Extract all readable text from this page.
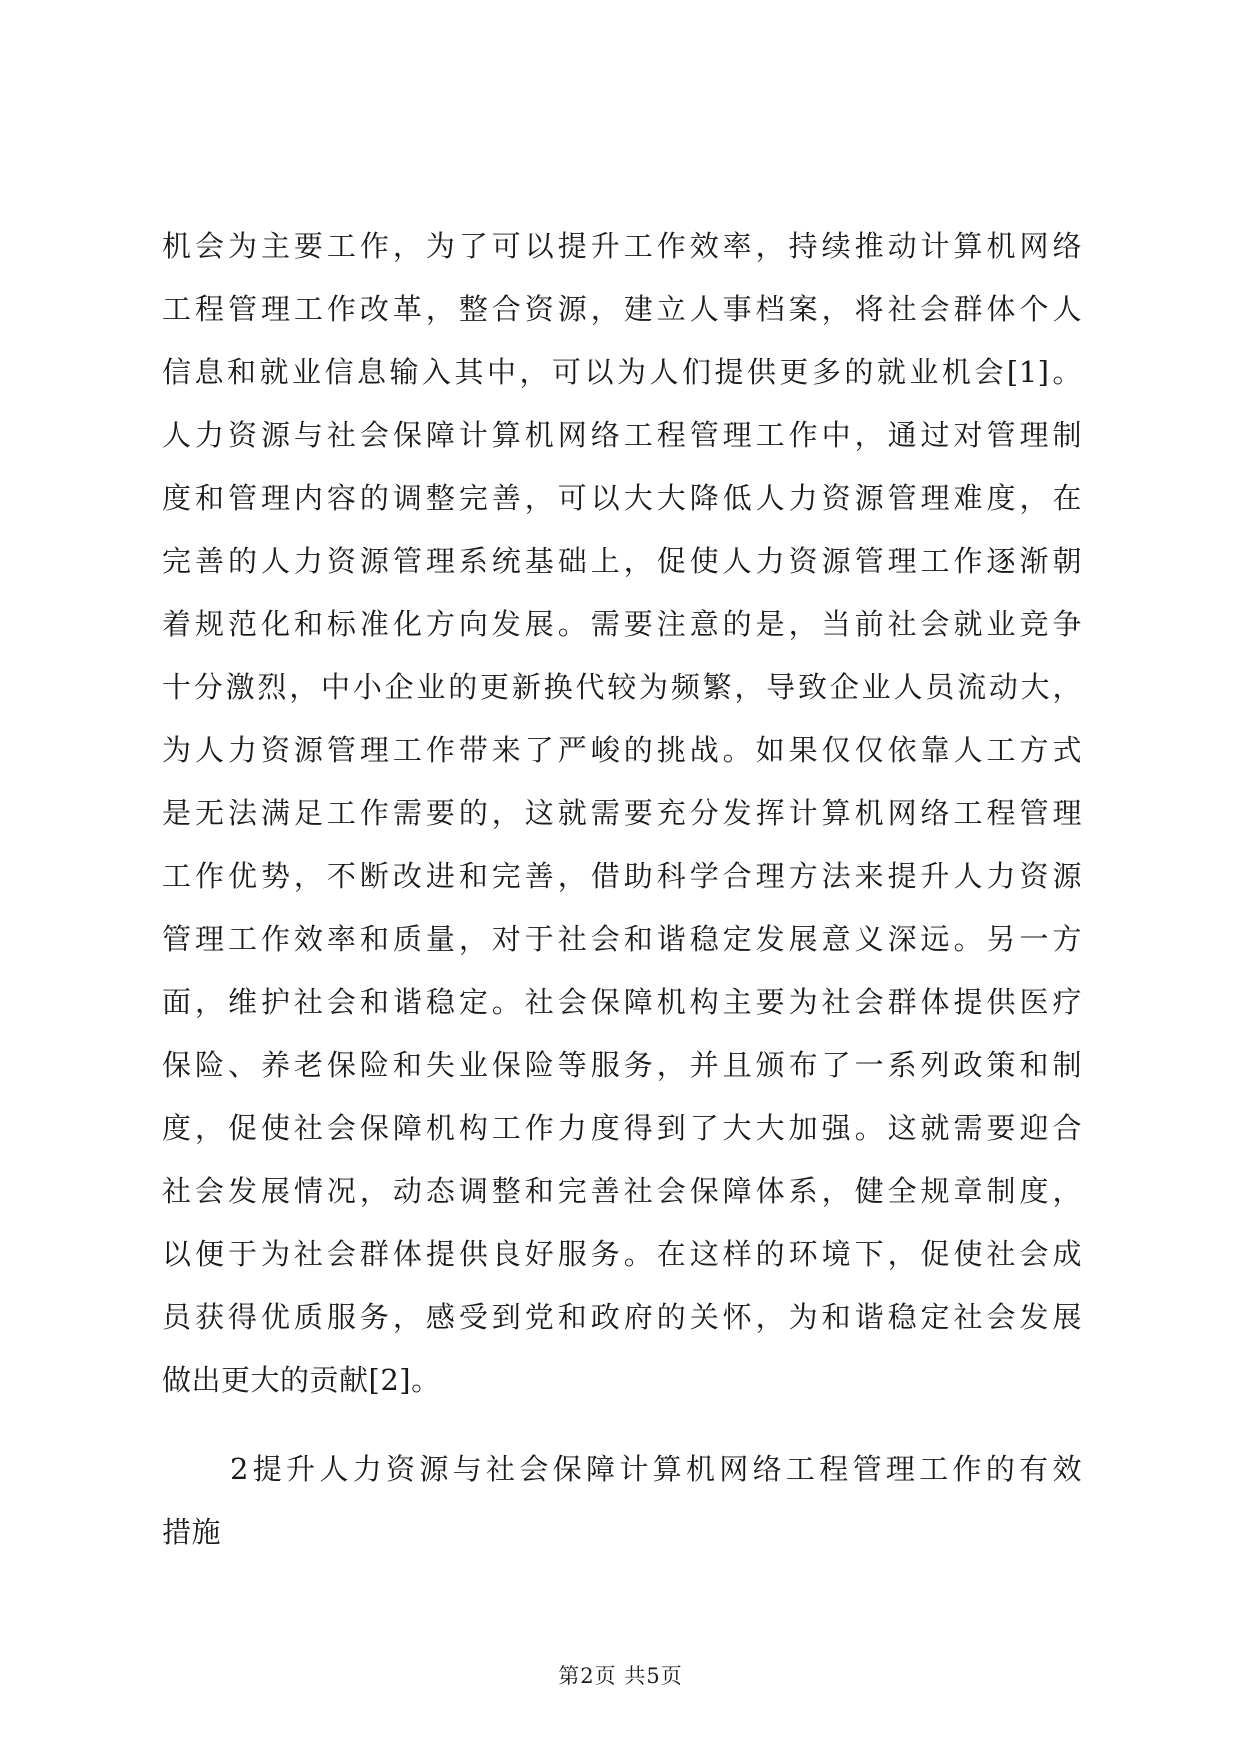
机会为主要工作，为了可以提升工作效率，持续推动计算机网络
工程管理工作改革，整合资源，建立人事档案，将社会群体个人
信息和就业信息输入其中，可以为人们提供更多的就业机会[1]。
人力资源与社会保障计算机网络工程管理工作中，通过对管理制
度和管理内容的调整完善，可以大大降低人力资源管理难度，在
完善的人力资源管理系统基础上，促使人力资源管理工作逐渐朝
着规范化和标准化方向发展。需要注意的是，当前社会就业竞争
十分激烈，中小企业的更新换代较为频繁，导致企业人员流动大，
为人力资源管理工作带来了严峻的挑战。如果仅仅依靠人工方式
是无法满足工作需要的，这就需要充分发挥计算机网络工程管理
工作优势，不断改进和完善，借助科学合理方法来提升人力资源
管理工作效率和质量，对于社会和谐稳定发展意义深远。另一方
面，维护社会和谐稳定。社会保障机构主要为社会群体提供医疗
保险、养老保险和失业保险等服务，并且颁布了一系列政策和制
度，促使社会保障机构工作力度得到了大大加强。这就需要迎合
社会发展情况，动态调整和完善社会保障体系，健全规章制度，
以便于为社会群体提供良好服务。在这样的环境下，促使社会成
员获得优质服务，感受到党和政府的关怀，为和谐稳定社会发展
做出更大的贡献[2]。
2提升人力资源与社会保障计算机网络工程管理工作的有效
措施
第2页 共5页
